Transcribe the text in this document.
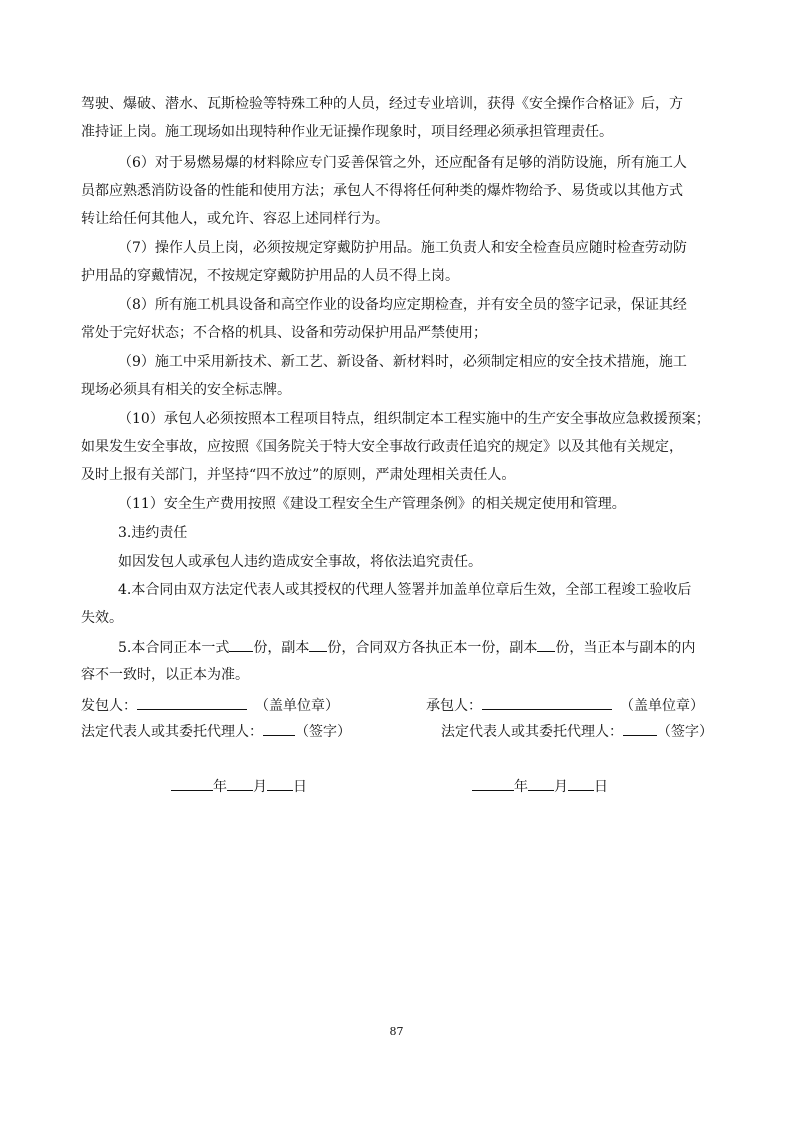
驾驶、爆破、潜水、瓦斯检验等特殊工种的人员，经过专业培训，获得《安全操作合格证》后，方
准持证上岗。施工现场如出现特种作业无证操作现象时，项目经理必须承担管理责任。
（6）对于易燃易爆的材料除应专门妥善保管之外，还应配备有足够的消防设施，所有施工人
员都应熟悉消防设备的性能和使用方法；承包人不得将任何种类的爆炸物给予、易货或以其他方式
转让给任何其他人，或允许、容忍上述同样行为。
（7）操作人员上岗，必须按规定穿戴防护用品。施工负责人和安全检查员应随时检查劳动防
护用品的穿戴情况，不按规定穿戴防护用品的人员不得上岗。
（8）所有施工机具设备和高空作业的设备均应定期检查，并有安全员的签字记录，保证其经
常处于完好状态；不合格的机具、设备和劳动保护用品严禁使用；
（9）施工中采用新技术、新工艺、新设备、新材料时，必须制定相应的安全技术措施，施工
现场必须具有相关的安全标志牌。
（10）承包人必须按照本工程项目特点，组织制定本工程实施中的生产安全事故应急救援预案；
如果发生安全事故，应按照《国务院关于特大安全事故行政责任追究的规定》以及其他有关规定，
及时上报有关部门，并坚持“四不放过”的原则，严肃处理相关责任人。
（11）安全生产费用按照《建设工程安全生产管理条例》的相关规定使用和管理。
3.违约责任
如因发包人或承包人违约造成安全事故，将依法追究责任。
4.本合同由双方法定代表人或其授权的代理人签署并加盖单位章后生效，全部工程竣工验收后
失效。
5.本合同正本一式 份，副本 份，合同双方各执正本一份，副本 份，当正本与副本的内
容不一致时，以正本为准。
发包人：	（盖单位章）
法定代表人或其委托代理人： （签字）
年 月 日
承包人：	（盖单位章）
法定代表人或其委托代理人： （签字）
年 月 日
87
